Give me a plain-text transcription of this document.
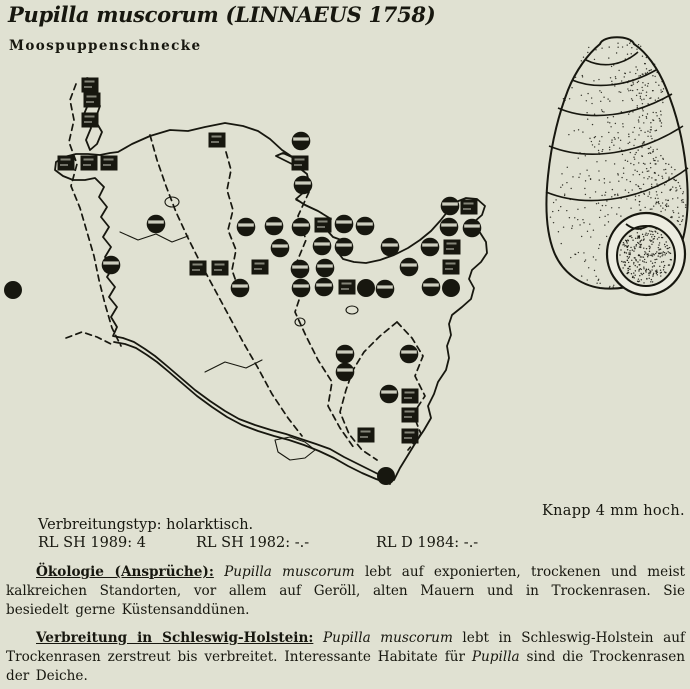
Pupilla muscorum (LINNAEUS 1758)
Moospuppenschnecke
Knapp 4 mm hoch.
Verbreitungstyp: holarktisch.
RL SH 1989: 4	RL SH 1982: -.-	RL D 1984: -.-

Ökologie (Ansprüche): Pupilla muscorum lebt auf exponierten, trockenen und meist kalkreichen Standorten, vor allem auf Geröll, alten Mauern und in Trockenrasen. Sie besiedelt gerne Küstensanddünen.

Verbreitung in Schleswig-Holstein: Pupilla muscorum lebt in Schleswig-Holstein auf Trockenrasen zerstreut bis verbreitet. Interessante Habitate für Pupilla sind die Trockenrasen der Deiche.
